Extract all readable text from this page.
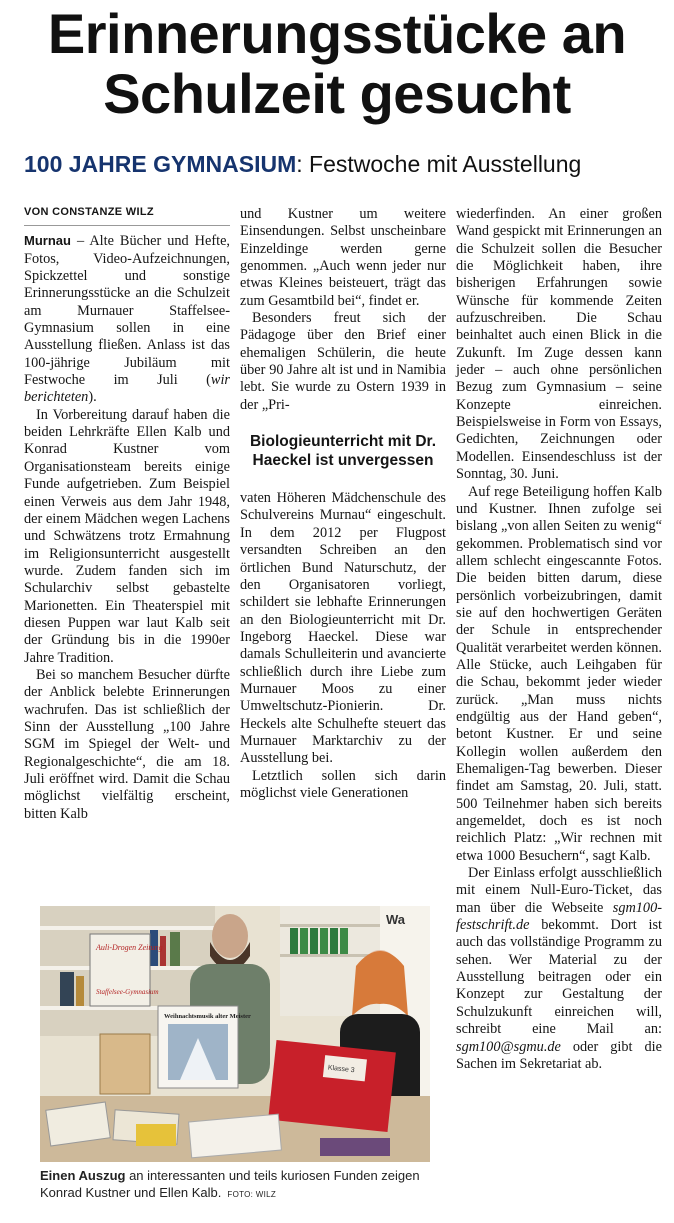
Erinnerungsstücke an
Schulzeit gesucht
100 JAHRE GYMNASIUM: Festwoche mit Ausstellung
VON CONSTANZE WILZ

Murnau – Alte Bücher und Hefte, Fotos, Video-Aufzeichnungen, Spickzettel und sonstige Erinnerungsstücke an die Schulzeit am Murnauer Staffelsee-Gymnasium sollen in eine Ausstellung fließen. Anlass ist das 100-jährige Jubiläum mit Festwoche im Juli (wir berichteten).

In Vorbereitung darauf haben die beiden Lehrkräfte Ellen Kalb und Konrad Kustner vom Organisationsteam bereits einige Funde aufgetrieben. Zum Beispiel einen Verweis aus dem Jahr 1948, der einem Mädchen wegen Lachens und Schwätzens trotz Ermahnung im Religionsunterricht ausgestellt wurde. Zudem fanden sich im Schularchiv selbst gebastelte Marionetten. Ein Theaterspiel mit diesen Puppen war laut Kalb seit der Gründung bis in die 1990er Jahre Tradition.

Bei so manchem Besucher dürfte der Anblick belebte Erinnerungen wachrufen. Das ist schließlich der Sinn der Ausstellung „100 Jahre SGM im Spiegel der Welt- und Regionalgeschichte“, die am 18. Juli eröffnet wird. Damit die Schau möglichst vielfältig erscheint, bitten Kalb

und Kustner um weitere Einsendungen. Selbst unscheinbare Einzeldinge werden gerne genommen. „Auch wenn jeder nur etwas Kleines beisteuert, trägt das zum Gesamtbild bei“, findet er.

Besonders freut sich der Pädagoge über den Brief einer ehemaligen Schülerin, die heute über 90 Jahre alt ist und in Namibia lebt. Sie wurde zu Ostern 1939 in der „Pri-

Biologieunterricht mit Dr. Haeckel ist unvergessen

vaten Höheren Mädchenschule des Schulvereins Murnau“ eingeschult. In dem 2012 per Flugpost versandten Schreiben an den örtlichen Bund Naturschutz, der den Organisatoren vorliegt, schildert sie lebhafte Erinnerungen an den Biologieunterricht mit Dr. Ingeborg Haeckel. Diese war damals Schulleiterin und avancierte schließlich durch ihre Liebe zum Murnauer Moos zu einer Umweltschutz-Pionierin. Dr. Heckels alte Schulhefte steuert das Murnauer Marktarchiv zu der Ausstellung bei.

Letztlich sollen sich darin möglichst viele Generationen

wiederfinden. An einer großen Wand gespickt mit Erinnerungen an die Schulzeit sollen die Besucher die Möglichkeit haben, ihre bisherigen Erfahrungen sowie Wünsche für kommende Zeiten aufzuschreiben. Die Schau beinhaltet auch einen Blick in die Zukunft. Im Zuge dessen kann jeder – auch ohne persönlichen Bezug zum Gymnasium – seine Konzepte einreichen. Beispielsweise in Form von Essays, Gedichten, Zeichnungen oder Modellen. Einsendeschluss ist der Sonntag, 30. Juni.

Auf rege Beteiligung hoffen Kalb und Kustner. Ihnen zufolge sei bislang „von allen Seiten zu wenig“ gekommen. Problematisch sind vor allem schlecht eingescannte Fotos. Die beiden bitten darum, diese persönlich vorbeizubringen, damit sie auf den hochwertigen Geräten der Schule in entsprechender Qualität verarbeitet werden können. Alle Stücke, auch Leihgaben für die Schau, bekommt jeder wieder zurück. „Man muss nichts endgültig aus der Hand geben“, betont Kustner. Er und seine Kollegin wollen außerdem den Ehemaligen-Tag bewerben. Dieser findet am Samstag, 20. Juli, statt. 500 Teilnehmer haben sich bereits angemeldet, doch es ist noch reichlich Platz: „Wir rechnen mit etwa 1000 Besuchern“, sagt Kalb.

Der Einlass erfolgt ausschließlich mit einem Null-Euro-Ticket, das man über die Webseite sgm100-festschrift.de bekommt. Dort ist auch das vollständige Programm zu sehen. Wer Material zu der Ausstellung beitragen oder ein Konzept zur Gestaltung der Schulzukunft einreichen will, schreibt eine Mail an: sgm100@sgmu.de oder gibt die Sachen im Sekretariat ab.

Wa
Auli-Drogen Zeitung
Staffelsee-Gymnasium
Weihnachtsmusik alter Meister
Klasse 3
Einen Auszug an interessanten und teils kuriosen Funden zeigen Konrad Kustner und Ellen Kalb. FOTO: WILZ
